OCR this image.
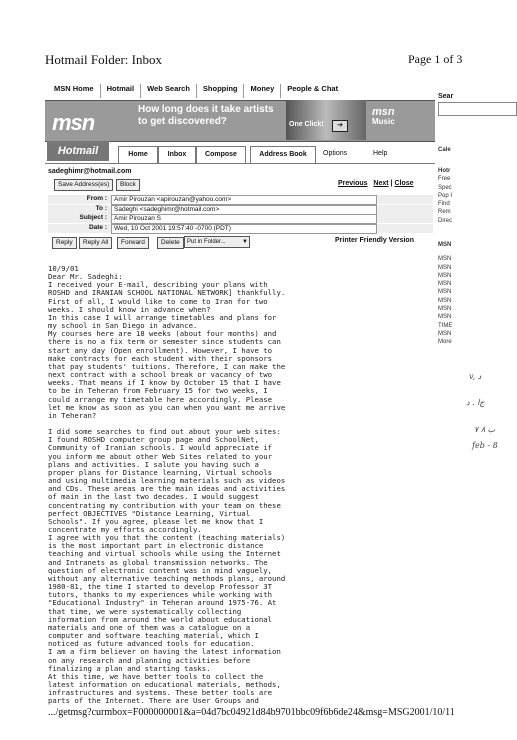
Hotmail Folder: Inbox	Page 1 of 3
MSN Home	Hotmail	Web Search	Shopping	Money	People & Chat
msn
How long does it take artists to get discovered?	One Click!	➔
msn
Music
Sear
Cale
Hotr
Free
Spec
Pop I
Find
Rem
Direc
MSN
MSN
MSN
MSN
MSN
MSN
MSN
MSN
MSN
TIME
MSN
More
Hotmail	Home	Inbox	Compose	Address Book	Options	Help
sadeghimr@hotmail.com
Save Address(es)	Block	Previous Next | Close
From :	Amir Pirouzan <apirouzan@yahoo.com>
To :	Sadeghi <sadeghimr@hotmail.com>
Subject :	Amir Pirouzan S
Date :	Wed, 10 Oct 2001 19:57:40 -0700 (PDT)
Reply	Reply All	Forward	Delete	Put in Folder...	▼	Printer Friendly Version
10/9/01
Dear Mr. Sadeghi:
I received your E-mail, describing your plans with
ROSHD and IRANIAN SCHOOL NATIONAL NETWORK] thankfully.
First of all, I would like to come to Iran for two
weeks. I should know in advance when?
In this case I will arrange timetables and plans for
my school in San Diego in advance.
My courses here are 18 weeks (about four months) and
there is no a fix term or semester since students can
start any day (Open enrollment). However, I have to
make contracts for each student with their sponsors
that pay students' tuitions. Therefore, I can make the
next contract with a school break or vacancy of two
weeks. That means if I know by October 15 that I have
to be in Teheran from February 15 for two weeks, I
could arrange my timetable here accordingly. Please
let me know as soon as you can when you want me arrive
in Teheran?

I did some searches to find out about your web sites:
I found ROSHD computer group page and SchoolNet,
Community of Iranian schools. I would appreciate if
you inform me about other Web Sites related to your
plans and activities. I salute you having such a
proper plans for Distance learning, Virtual schools
and using multimedia learning materials such as videos
and CDs. These areas are the main ideas and activities
of main in the last two decades. I would suggest
concentrating my contribution with your team on these
perfect OBJECTIVES "Distance Learning, Virtual
Schools". If you agree, please let me know that I
concentrate my efforts accordingly.
I agree with you that the content (teaching materials)
is the most important part in electronic distance
teaching and virtual schools while using the Internet
and Intranets as global transmission networks. The
question of electronic content was in mind vaguely,
without any alternative teaching methods plans, around
1980-81, the time I started to develop Professor 3T
tutors, thanks to my experiences while working with
"Educational Industry" in Teheran around 1975-76. At
that time, we were systematically collecting
information from around the world about educational
materials and one of them was a catalogue on a
computer and software teaching material, which I
noticed as future advanced tools for education.
I am a firm believer on having the latest information
on any research and planning activities before
finalizing a plan and starting tasks.
At this time, we have better tools to collect the
latest information on educational materials, methods,
infrastructures and systems. These better tools are
parts of the Internet. There are User Groups and
v, ﺩ
ﺝﺍ . ﺩ
ﺏ ۸ ۷
feb - 8
.../getmsg?curmbox=F000000001&a=04d7bc04921d84b9701bbc09f6b6de24&msg=MSG2001/10/11
